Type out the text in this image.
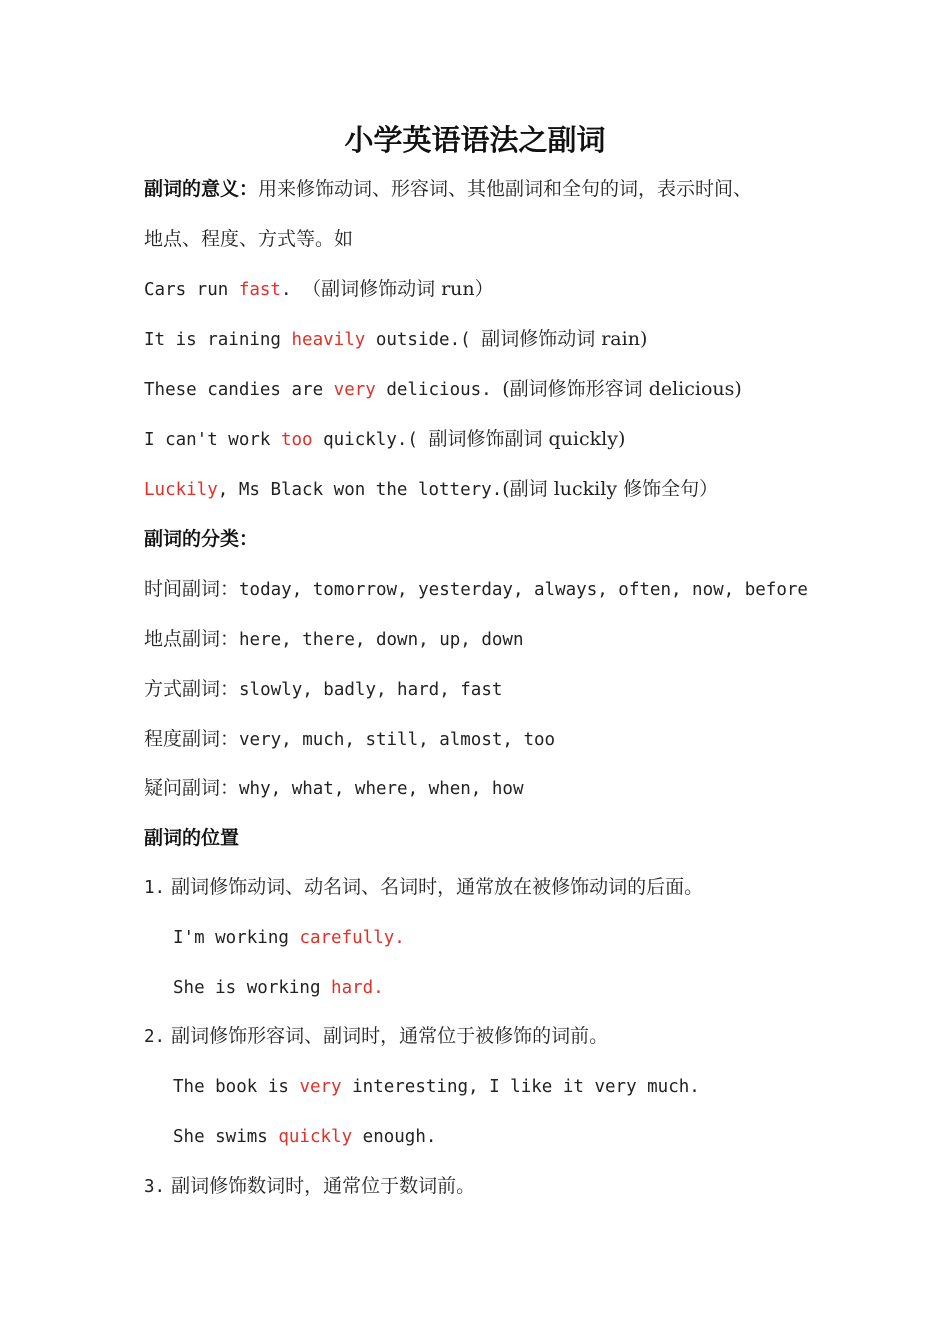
小学英语语法之副词
副词的意义：用来修饰动词、形容词、其他副词和全句的词，表示时间、
地点、程度、方式等。如
Cars run fast. （副词修饰动词 run）
It is raining heavily outside.( 副词修饰动词 rain)
These candies are very delicious. (副词修饰形容词 delicious)
I can't work too quickly.( 副词修饰副词 quickly)
Luckily, Ms Black won the lottery.(副词 luckily 修饰全句）
副词的分类：
时间副词：today, tomorrow, yesterday, always, often, now, before
地点副词：here, there, down, up, down
方式副词：slowly, badly, hard, fast
程度副词：very, much, still, almost, too
疑问副词：why, what, where, when, how
副词的位置
1. 副词修饰动词、动名词、名词时，通常放在被修饰动词的后面。
I'm working carefully.
She is working hard.
2. 副词修饰形容词、副词时，通常位于被修饰的词前。
The book is very interesting, I like it very much.
She swims quickly enough.
3. 副词修饰数词时，通常位于数词前。
